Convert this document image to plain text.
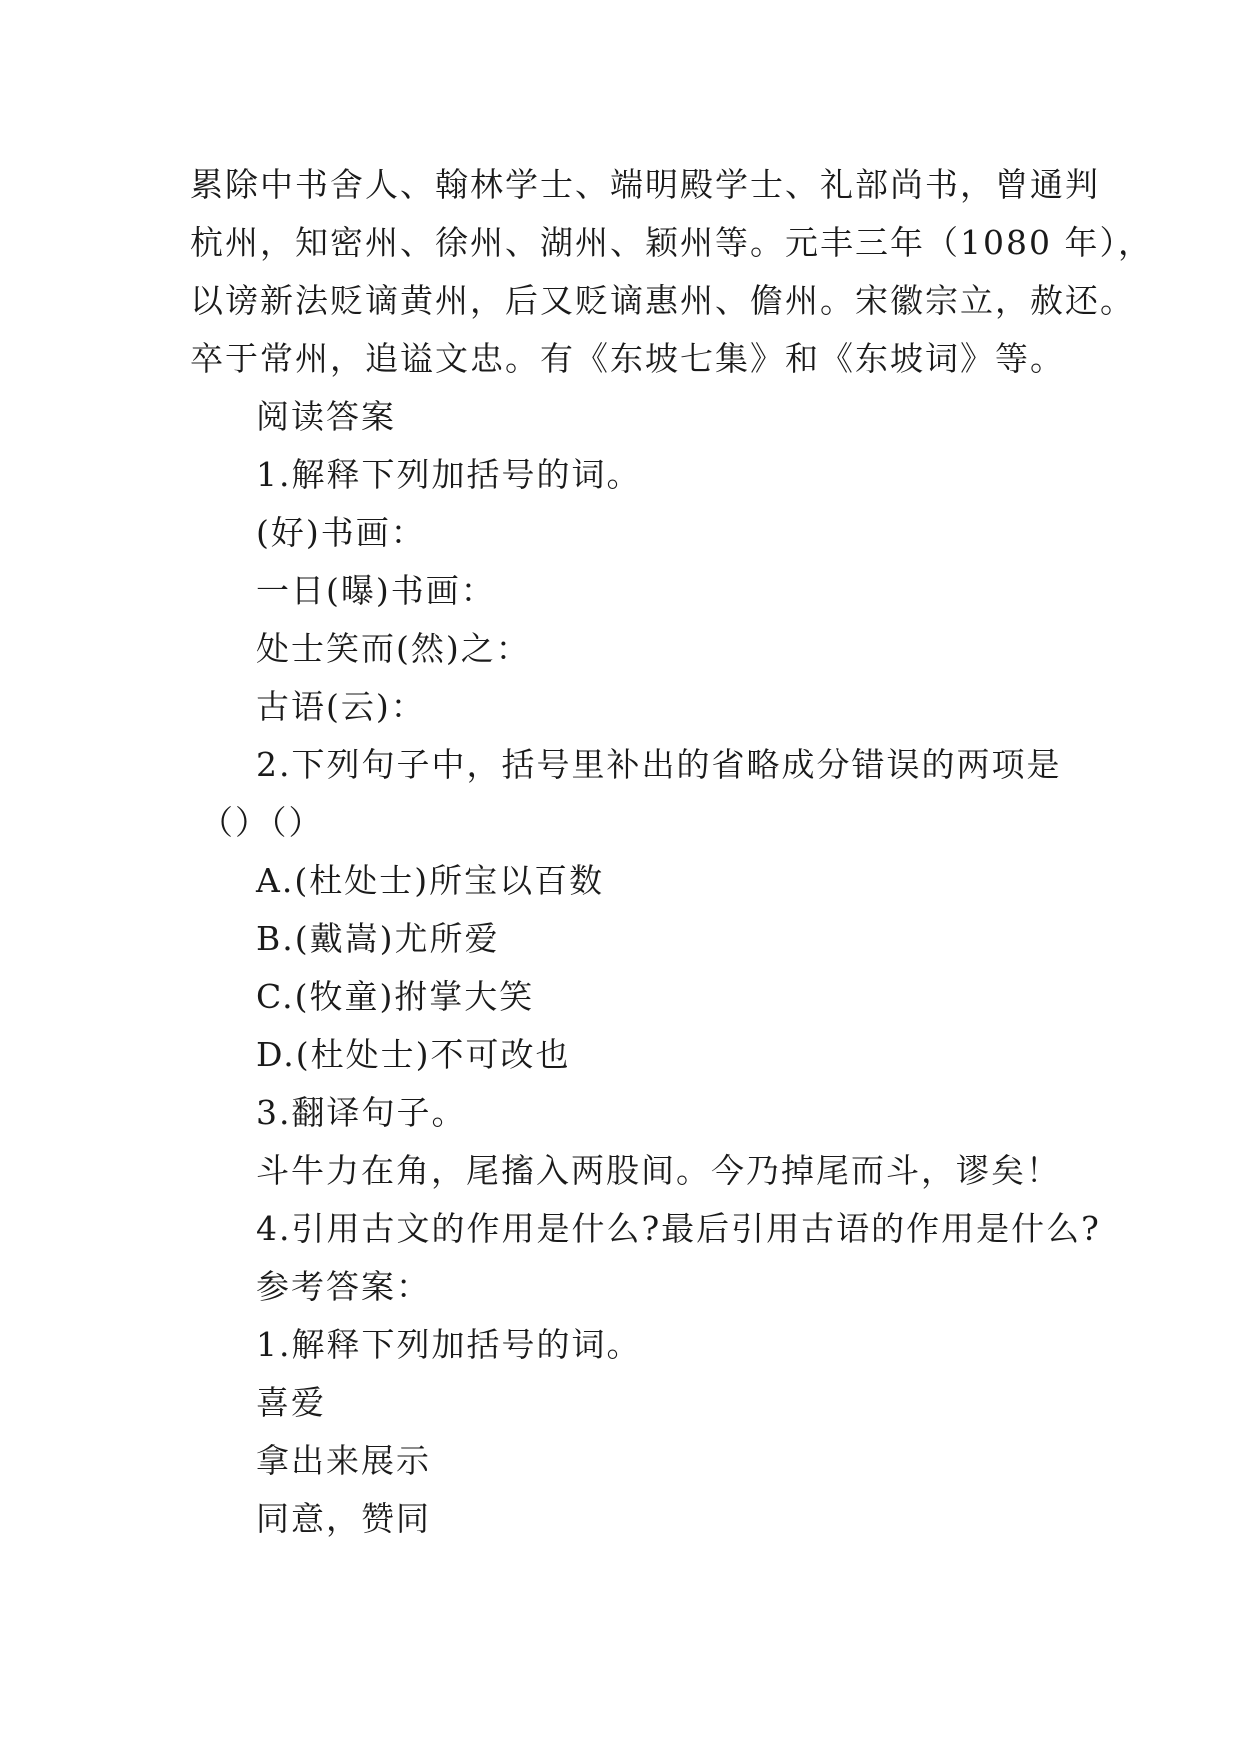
累除中书舍人、翰林学士、端明殿学士、礼部尚书，曾通判

杭州，知密州、徐州、湖州、颖州等。元丰三年（1080 年），

以谤新法贬谪黄州，后又贬谪惠州、儋州。宋徽宗立，赦还。

卒于常州，追谥文忠。有《东坡七集》和《东坡词》等。

阅读答案

1.解释下列加括号的词。

(好)书画：

一日(曝)书画：

处士笑而(然)之：

古语(云)：

2.下列句子中，括号里补出的省略成分错误的两项是

（）（）

A.(杜处士)所宝以百数

B.(戴嵩)尤所爱

C.(牧童)拊掌大笑

D.(杜处士)不可改也

3.翻译句子。

斗牛力在角，尾搐入两股间。今乃掉尾而斗，谬矣！

4.引用古文的作用是什么?最后引用古语的作用是什么?

参考答案：

1.解释下列加括号的词。

喜爱

拿出来展示

同意，赞同
